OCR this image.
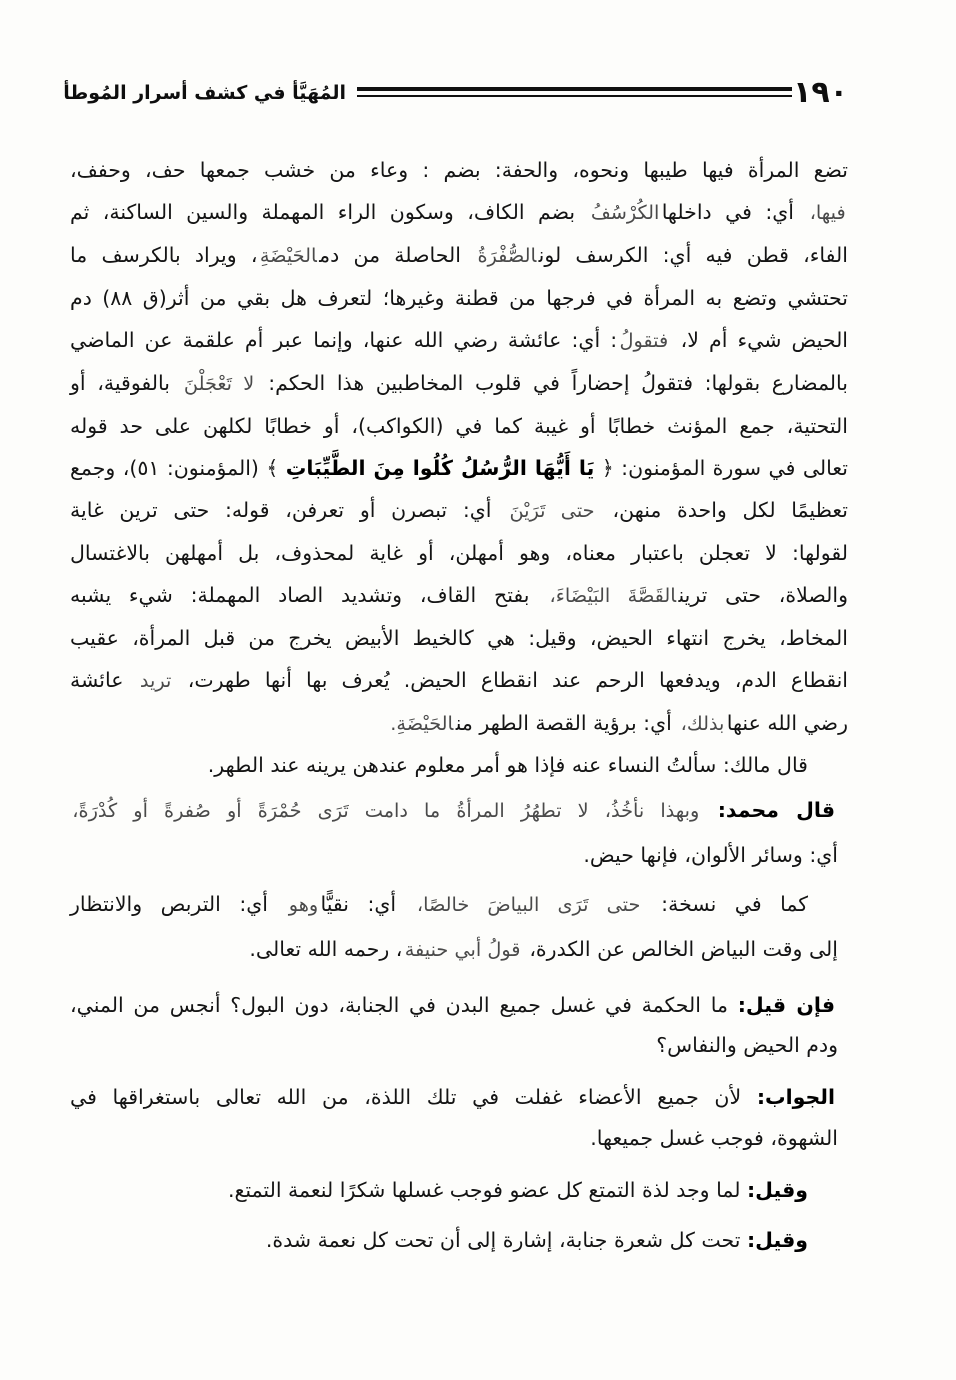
١٩٠
المُهَيَّأ في كشف أسرار المُوطأ
تضع المرأة فيها طيبها ونحوه، والحفة: بضم : وعاء من خشب جمعها حف، وحفف،
فيها، أي: في داخلهاالكُرْسُفُ بضم الكاف، وسكون الراء المهملة والسين الساكنة، ثم
الفاء، قطن فيه أي: الكرسف لونالصُّفْرَةُ الحاصلة من دمالحَيْضَةِ، ويراد بالكرسف ما
تحتشي وتضع به المرأة في فرجها من قطنة وغيرها؛ لتعرف هل بقي من أثر(ق ٨٨) دم
الحيض شيء أم لا، فتقولُ: أي: عائشة رضي الله عنها، وإنما عبر أم علقمة عن الماضي
بالمضارع بقولها: فتقولُ إحضاراً في قلوب المخاطبين هذا الحكم: لا تَعْجَلْنَ بالفوقية، أو
التحتية، جمع المؤنث خطابًا أو غيبة كما في (الكواكب)، أو خطابًا لكلهن على حد قوله
تعالى في سورة المؤمنون: ﴿ يَا أَيُّهَا الرُّسُلُ كُلُوا مِنَ الطَّيِّبَاتِ ﴾ (المؤمنون: ٥١)، وجمع
تعظيمًا لكل واحدة منهن، حتى تَرَيْنَ أي: تبصرن أو تعرفن، قوله: حتى ترين غاية
لقولها: لا تعجلن باعتبار معناه، وهو أمهلن، أو غاية لمحذوف، بل أمهلهن بالاغتسال
والصلاة، حتى ترينالقَصَّةَ البَيْضَاءَ، بفتح القاف، وتشديد الصاد المهملة: شيء يشبه
المخاط، يخرج انتهاء الحيض، وقيل: هي كالخيط الأبيض يخرج من قبل المرأة، عقيب
انقطاع الدم، ويدفعها الرحم عند انقطاع الحيض. يُعرف بها أنها طهرت، تريد عائشة
رضي الله عنهابذلك، أي: برؤية القصة الطهر منالحَيْضَةِ.
قال مالك: سألتُ النساء عنه فإذا هو أمر معلوم عندهن يرينه عند الطهر.
قال محمد: وبهذا نأخُذُ، لا تطهُرُ المرأةُ ما دامت تَرَى حُمْرَةً أو صُفرةً أو كُدْرَةً،
أي: وسائر الألوان، فإنها حيض.
كما في نسخة: حتى تَرَى البياضَ خالصًا، أي: نقيًّاوهو أي: التربص والانتظار
إلى وقت البياض الخالص عن الكدرة، قولُ أبي حنيفة، رحمه الله تعالى.
فإن قيل: ما الحكمة في غسل جميع البدن في الجنابة، دون البول؟ أنجس من المني،
ودم الحيض والنفاس؟
الجواب: لأن جميع الأعضاء غفلت في تلك اللذة، من الله تعالى باستغراقها في
الشهوة، فوجب غسل جميعها.
وقيل: لما وجد لذة التمتع كل عضو فوجب غسلها شكرًا لنعمة التمتع.
وقيل: تحت كل شعرة جنابة، إشارة إلى أن تحت كل نعمة شدة.
